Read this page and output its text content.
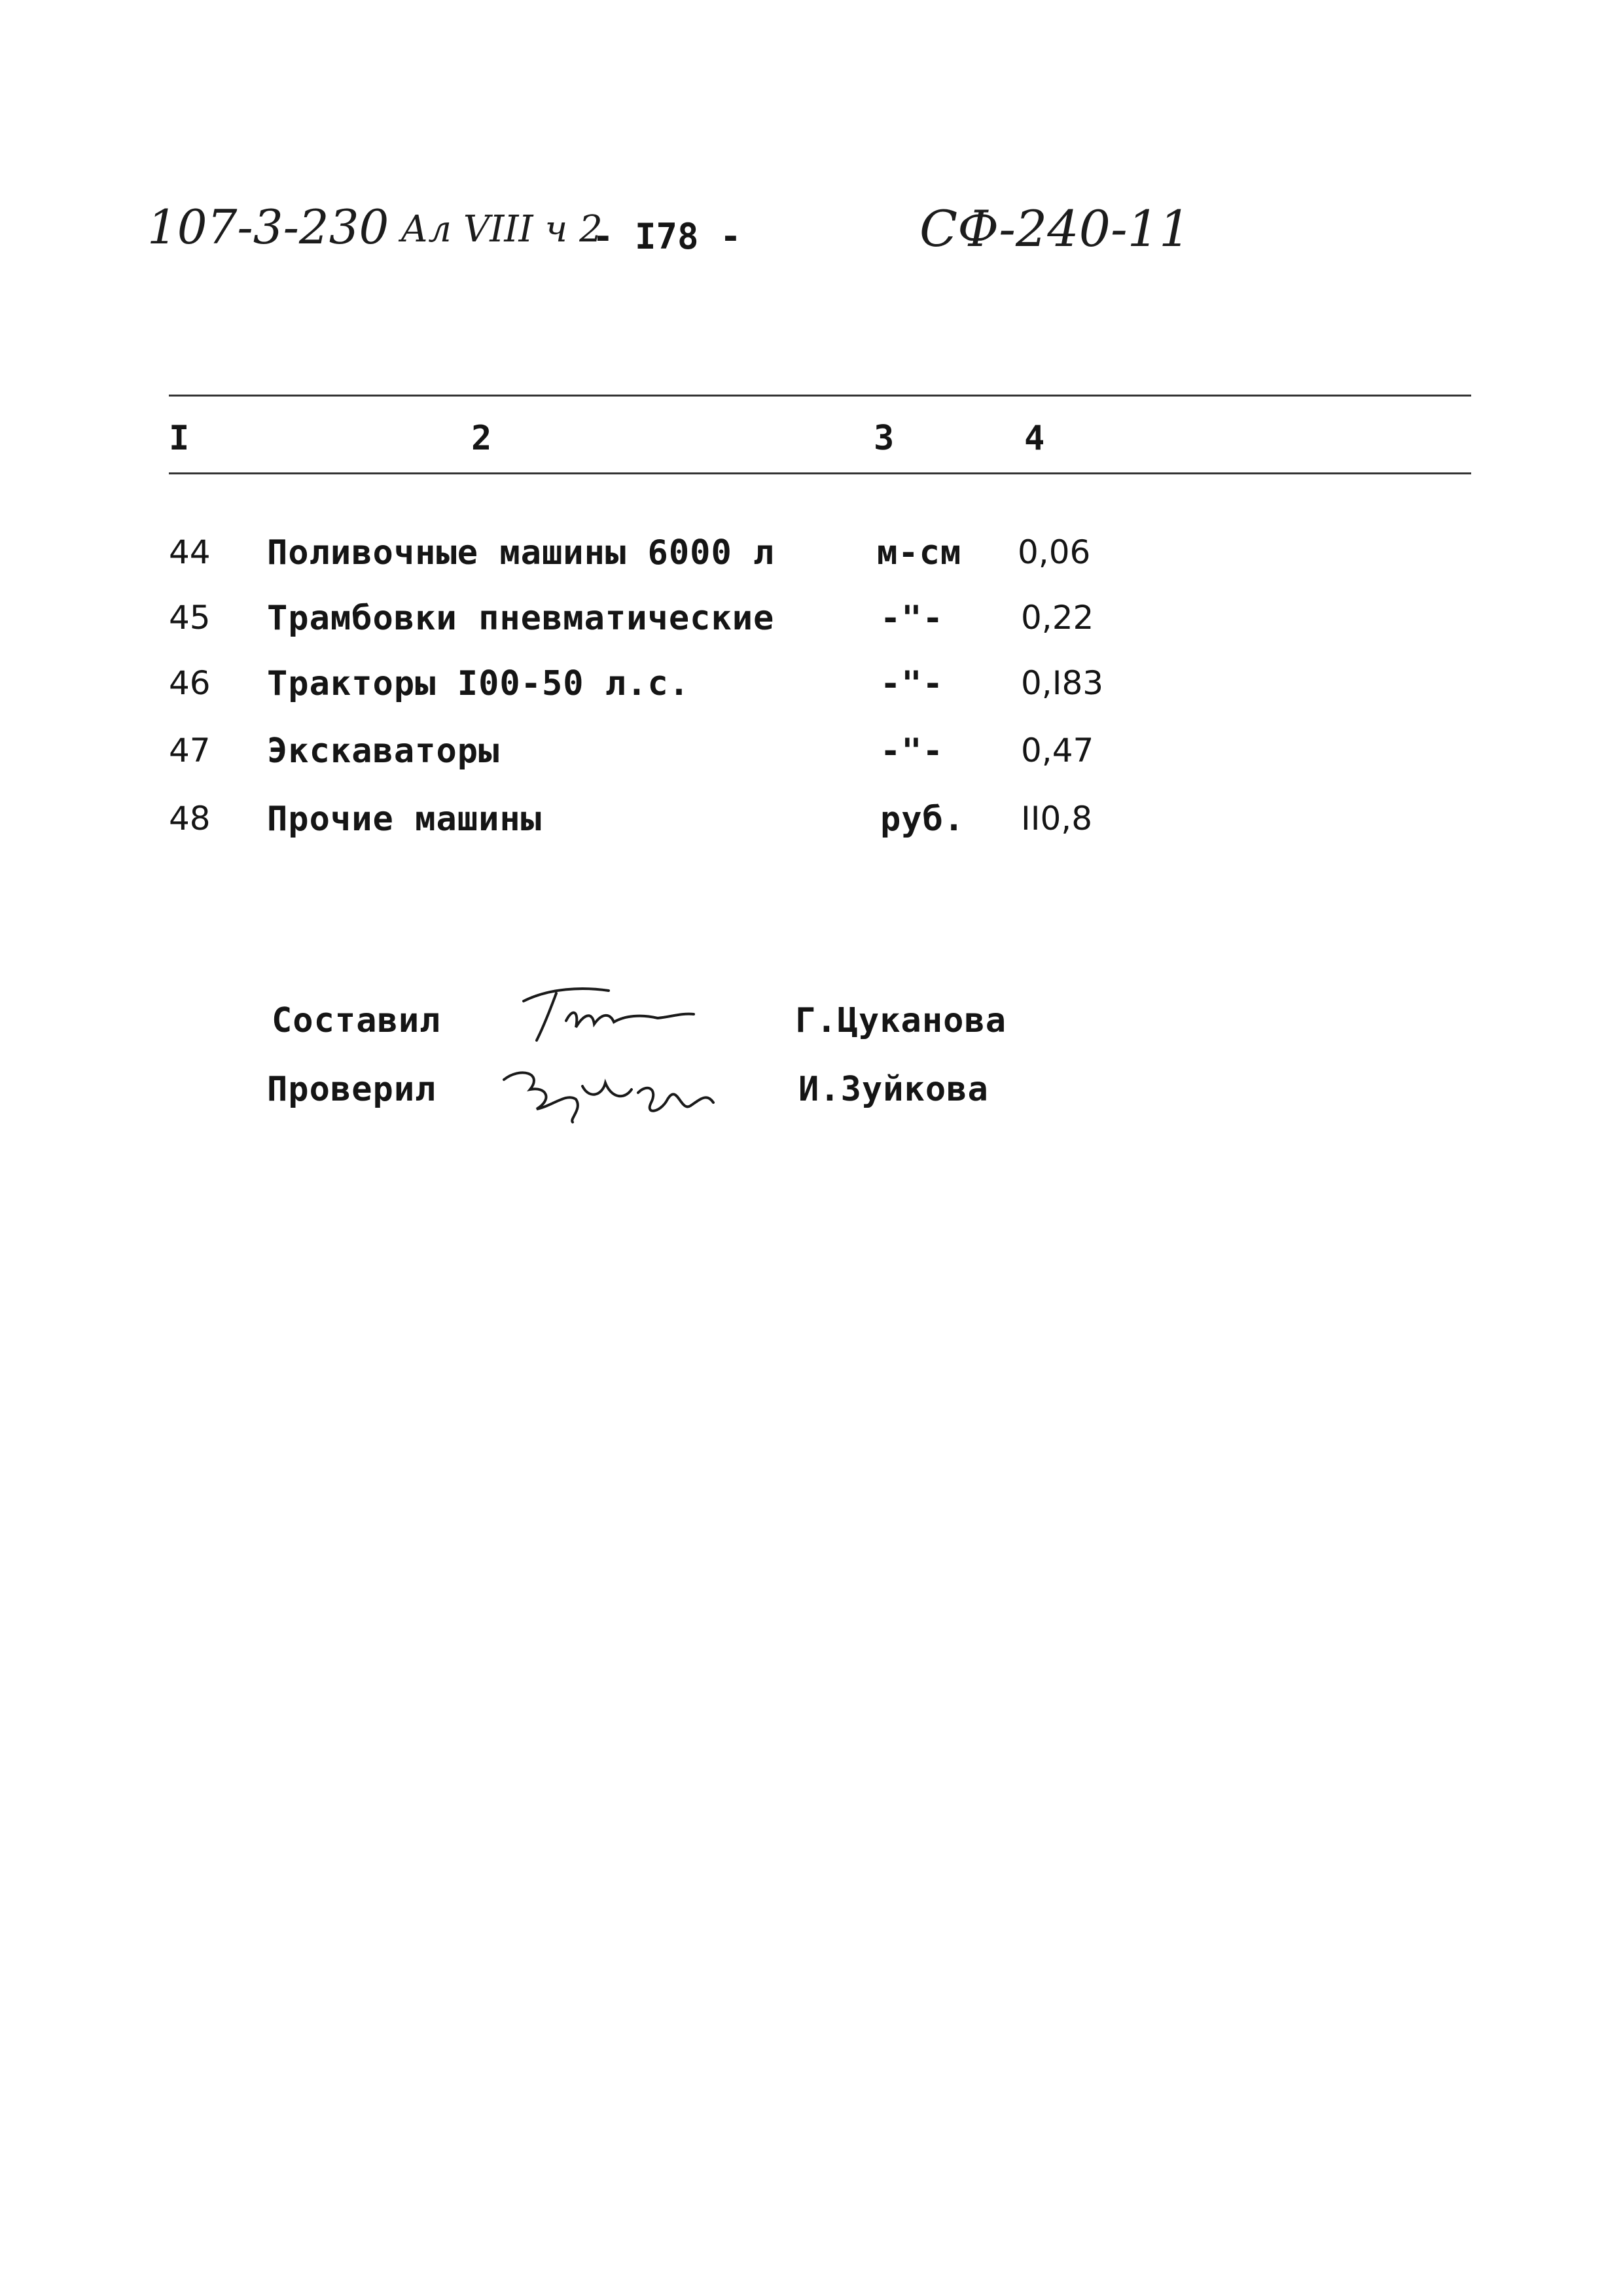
107-3-230 Ал VIII ч 2
- I78 -	СФ-240-11
I	2	3	4
44 Поливочные машины 6000 л	м-см 0,06
45 Трамбовки пневматические	-"- 0,22
46 Тракторы I00-50 л.с.	-"- 0,I83
47 Экскаваторы	-"- 0,47
48 Прочие машины	руб. II0,8
Составил	Г.Цуканова
Проверил	И.Зуйкова
